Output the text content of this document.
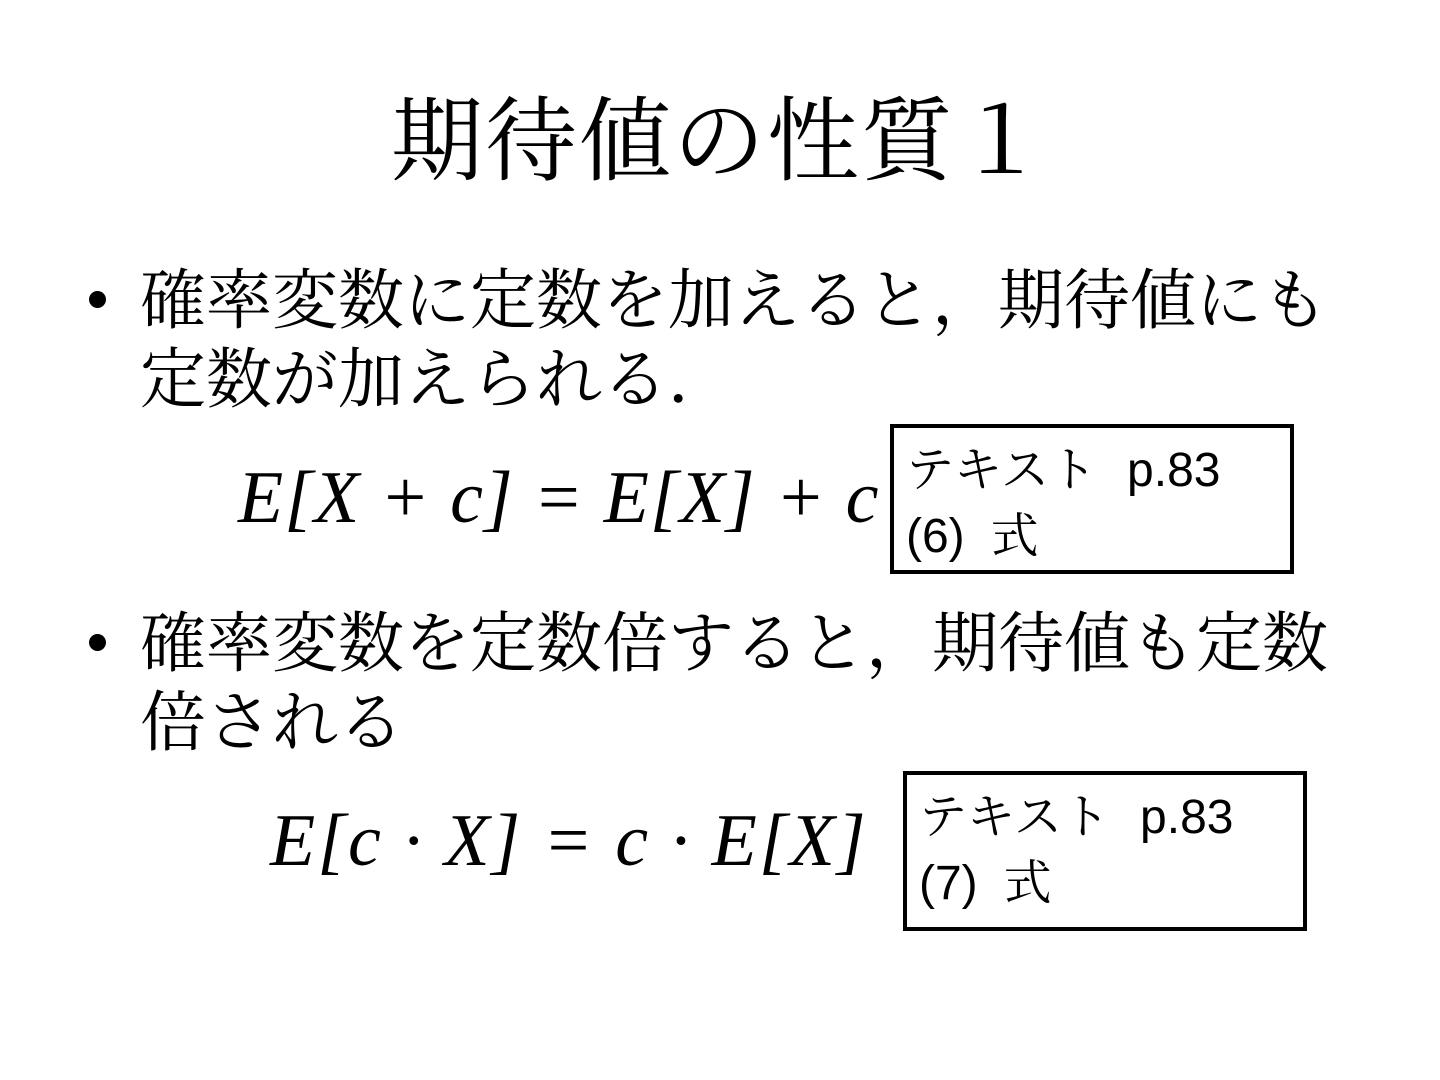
期待値の性質１
確率変数に定数を加えると，期待値にも
定数が加えられる．
E[X + c] = E[X] + c テキスト p.83
(6) 式
確率変数を定数倍すると，期待値も定数
倍される
E[c · X] = c · E[X] テキスト p.83
(7) 式
